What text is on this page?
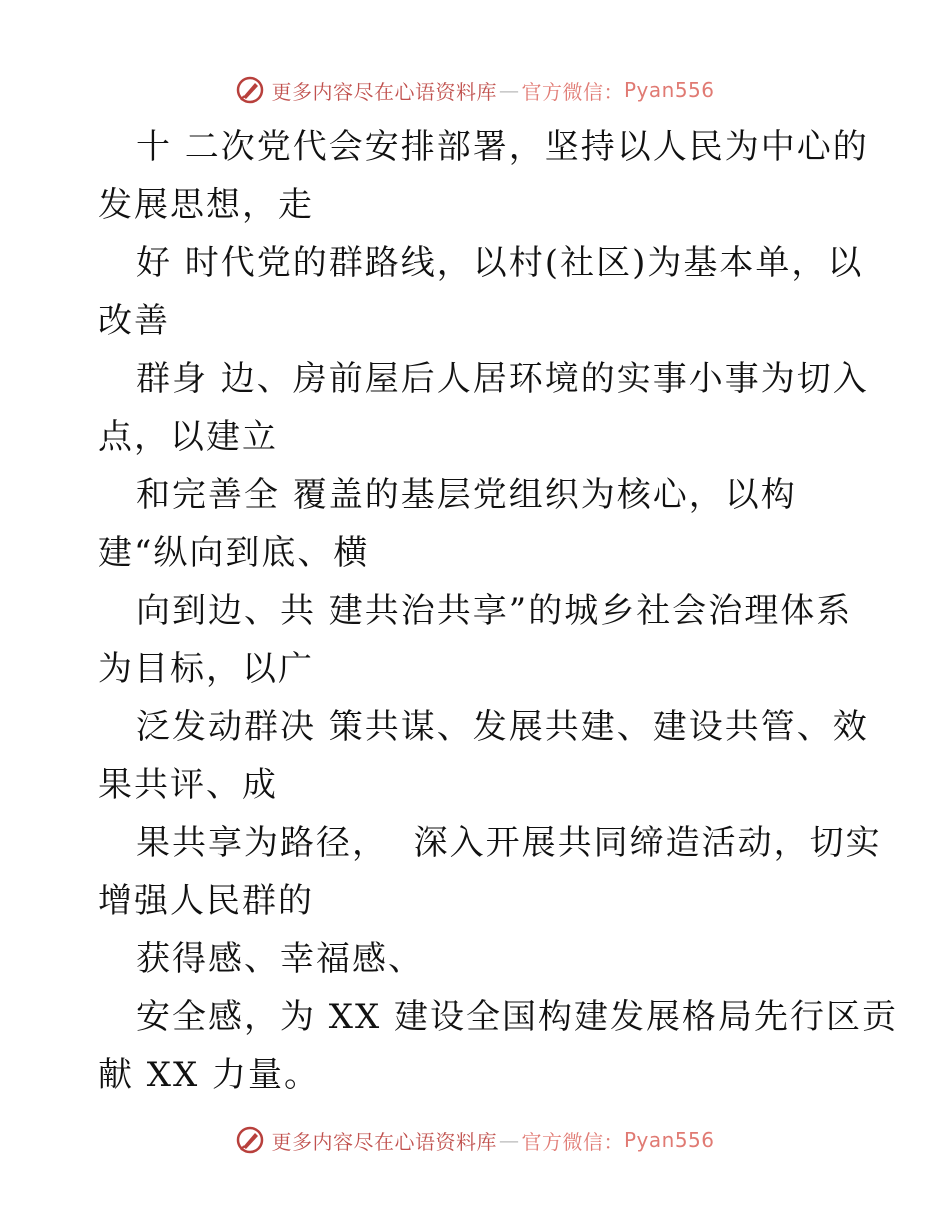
更多内容尽在心语资料库 — 官方微信： Pyan556
十 二次党代会安排部署，坚持以人民为中心的
发展思想，走
好 时代党的群路线，以村(社区)为基本单，以
改善
群身 边、房前屋后人居环境的实事小事为切入
点，以建立
和完善全 覆盖的基层党组织为核心，以构
建“纵向到底、横
向到边、共 建共治共享”的城乡社会治理体系
为目标，以广
泛发动群决 策共谋、发展共建、建设共管、效
果共评、成
果共享为路径，  深入开展共同缔造活动，切实
增强人民群的
获得感、幸福感、
安全感，为 XX 建设全国构建发展格局先行区贡
献 XX 力量。
更多内容尽在心语资料库 — 官方微信： Pyan556
